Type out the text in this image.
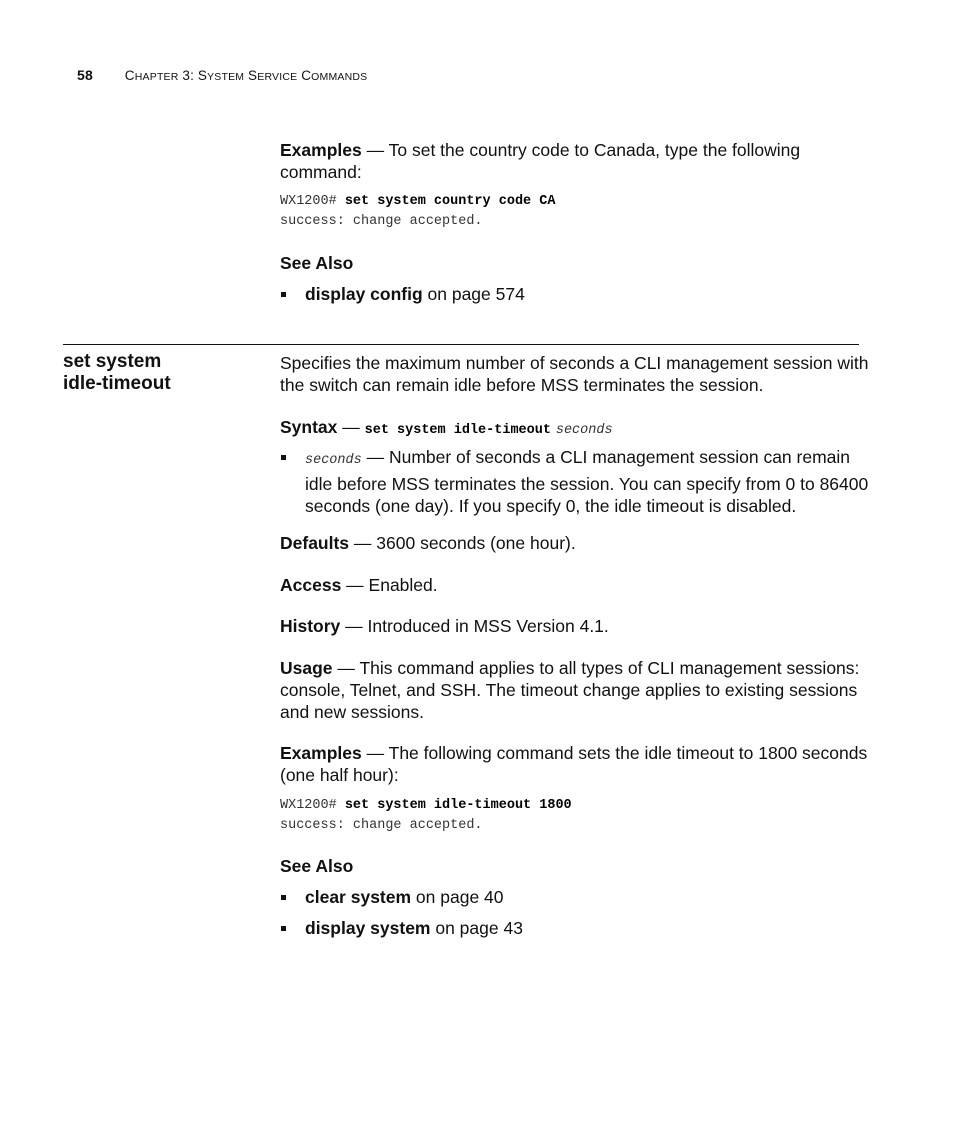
58 CHAPTER 3: SYSTEM SERVICE COMMANDS
Examples — To set the country code to Canada, type the following command:
WX1200# set system country code CA
success: change accepted.
See Also
display config on page 574
set system
idle-timeout
Specifies the maximum number of seconds a CLI management session with the switch can remain idle before MSS terminates the session.
Syntax — set system idle-timeout seconds
seconds — Number of seconds a CLI management session can remain idle before MSS terminates the session. You can specify from 0 to 86400 seconds (one day). If you specify 0, the idle timeout is disabled.
Defaults — 3600 seconds (one hour).
Access — Enabled.
History — Introduced in MSS Version 4.1.
Usage — This command applies to all types of CLI management sessions: console, Telnet, and SSH. The timeout change applies to existing sessions and new sessions.
Examples — The following command sets the idle timeout to 1800 seconds (one half hour):
WX1200# set system idle-timeout 1800
success: change accepted.
See Also
clear system on page 40
display system on page 43
